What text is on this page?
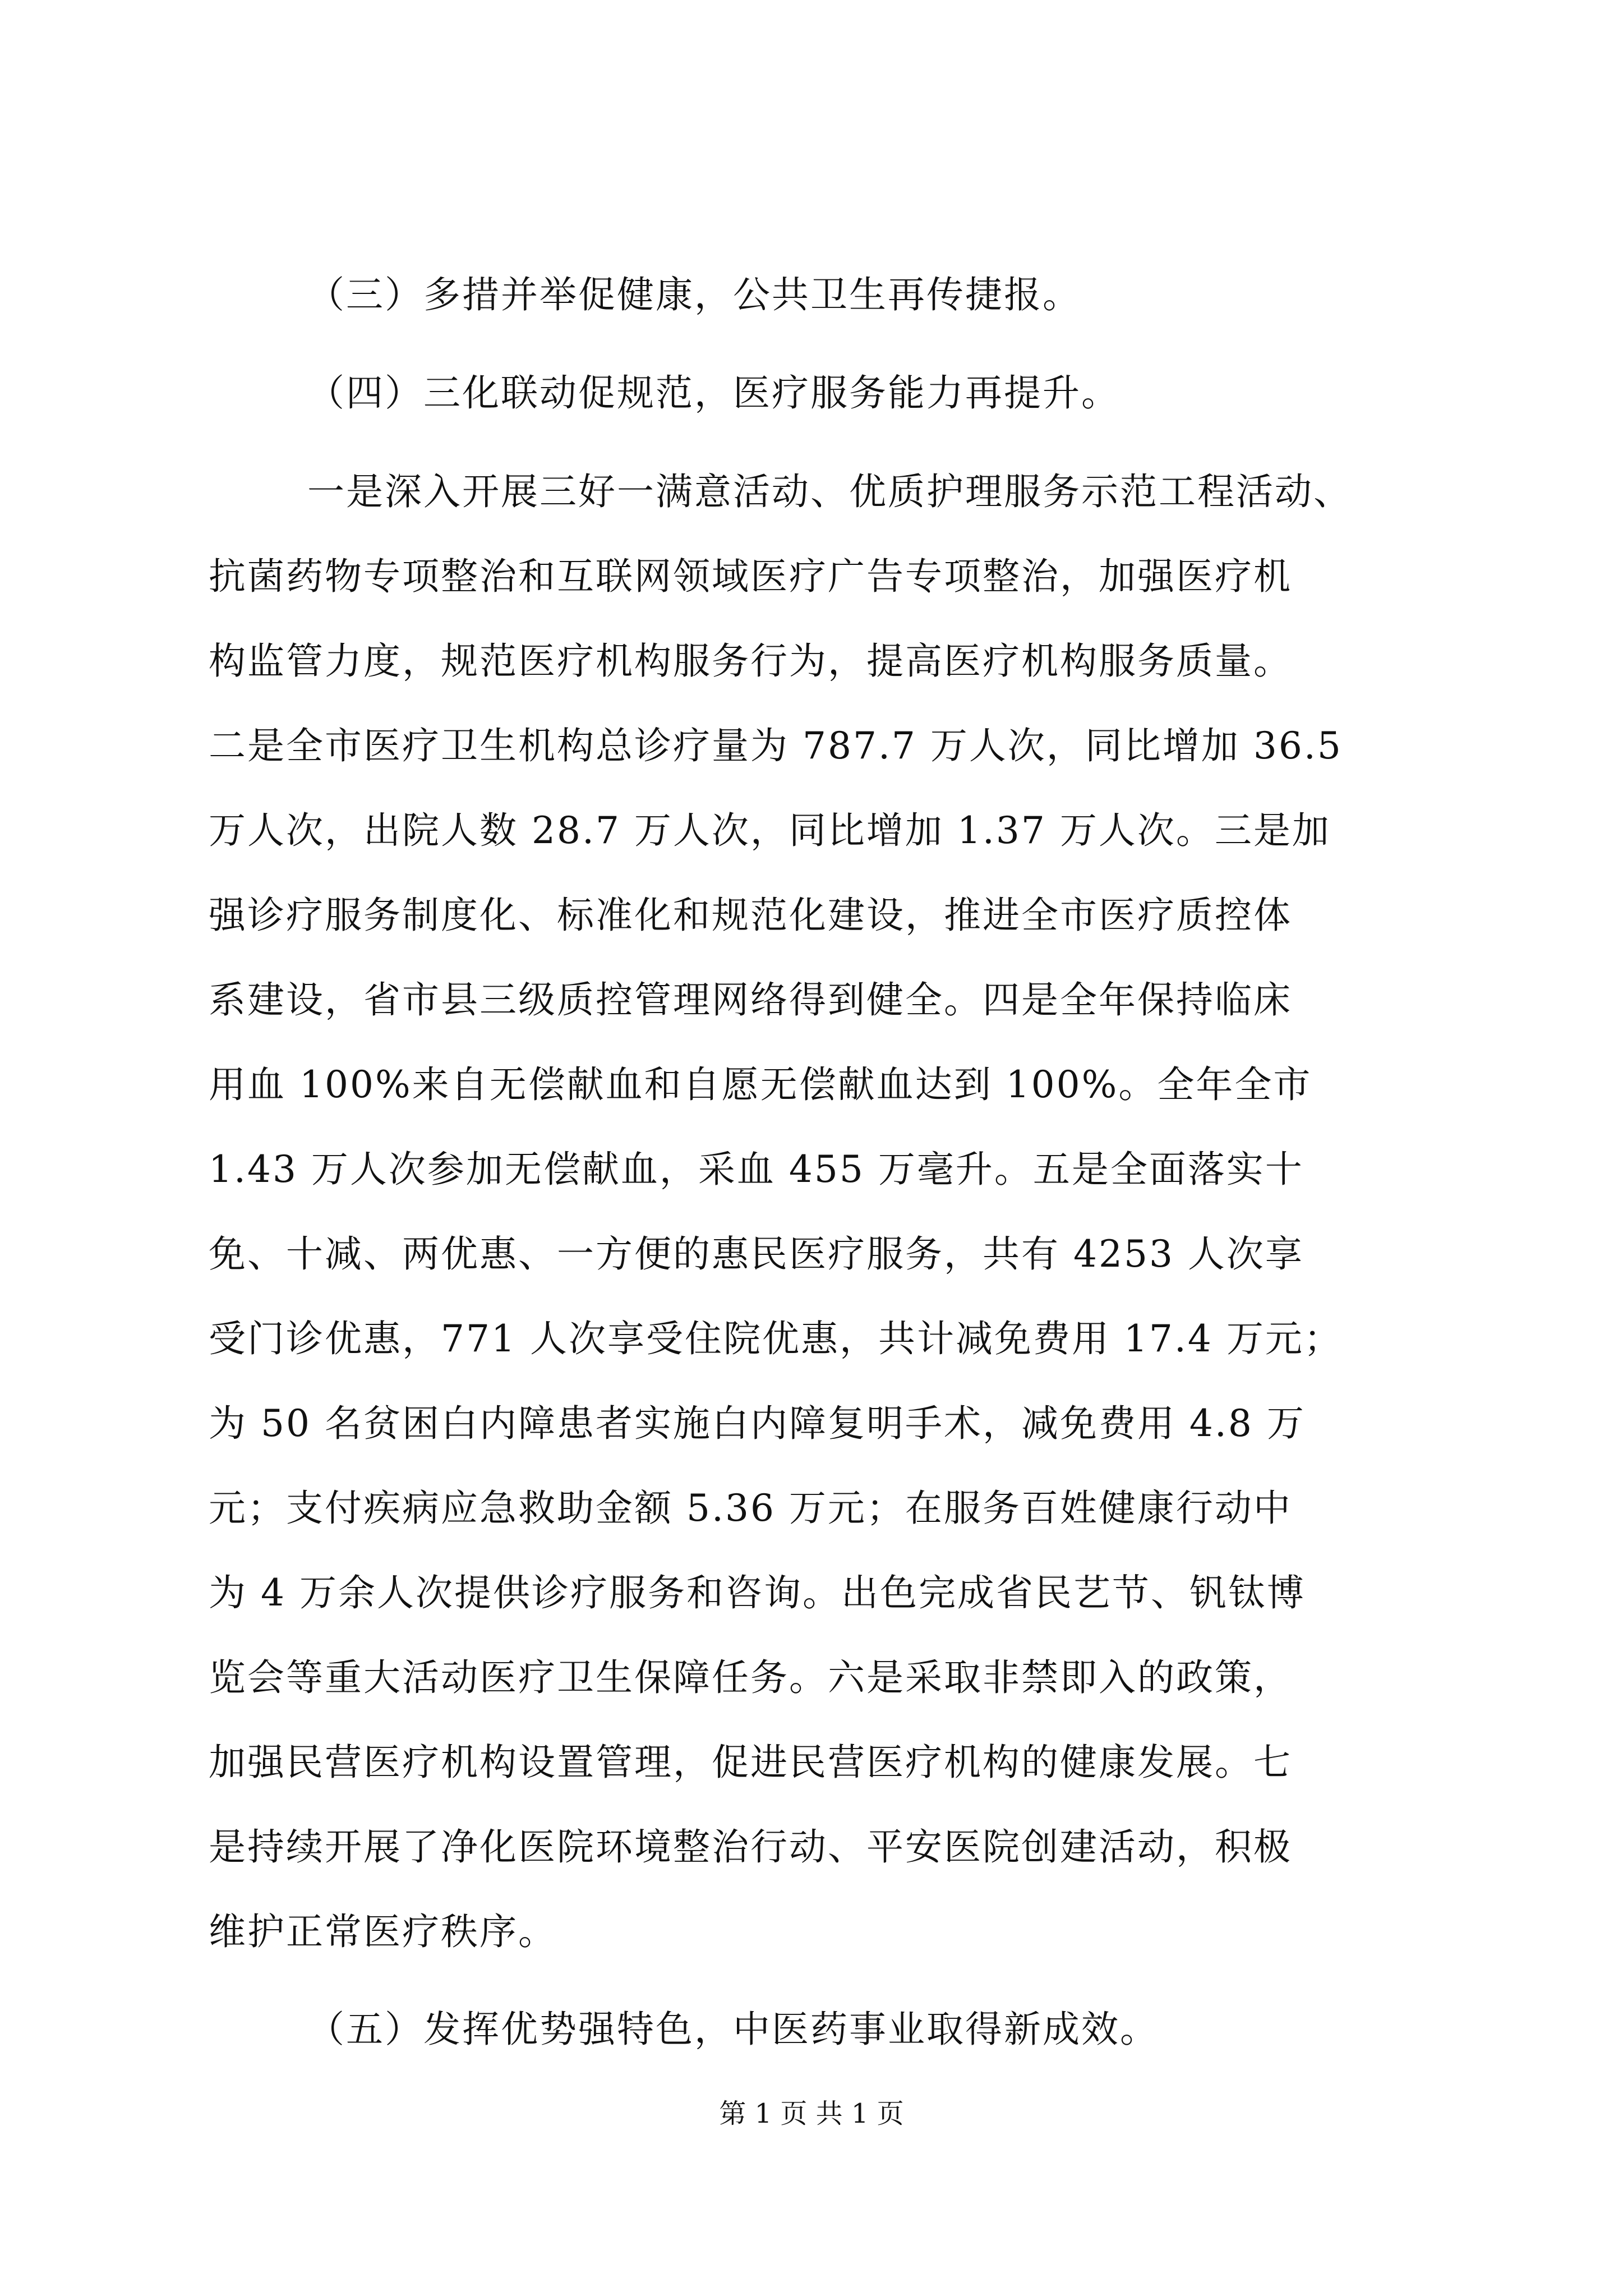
（三）多措并举促健康，公共卫生再传捷报。
（四）三化联动促规范，医疗服务能力再提升。
一是深入开展三好一满意活动、优质护理服务示范工程活动、
抗菌药物专项整治和互联网领域医疗广告专项整治，加强医疗机
构监管力度，规范医疗机构服务行为，提高医疗机构服务质量。
二是全市医疗卫生机构总诊疗量为 787.7 万人次，同比增加 36.5
万人次，出院人数 28.7 万人次，同比增加 1.37 万人次。三是加
强诊疗服务制度化、标准化和规范化建设，推进全市医疗质控体
系建设，省市县三级质控管理网络得到健全。四是全年保持临床
用血 100%来自无偿献血和自愿无偿献血达到 100%。全年全市
1.43 万人次参加无偿献血，采血 455 万毫升。五是全面落实十
免、十减、两优惠、一方便的惠民医疗服务，共有 4253 人次享
受门诊优惠，771 人次享受住院优惠，共计减免费用 17.4 万元；
为 50 名贫困白内障患者实施白内障复明手术，减免费用 4.8 万
元；支付疾病应急救助金额 5.36 万元；在服务百姓健康行动中
为 4 万余人次提供诊疗服务和咨询。出色完成省民艺节、钒钛博
览会等重大活动医疗卫生保障任务。六是采取非禁即入的政策，
加强民营医疗机构设置管理，促进民营医疗机构的健康发展。七
是持续开展了净化医院环境整治行动、平安医院创建活动，积极
维护正常医疗秩序。
（五）发挥优势强特色，中医药事业取得新成效。
第 1 页 共 1 页
